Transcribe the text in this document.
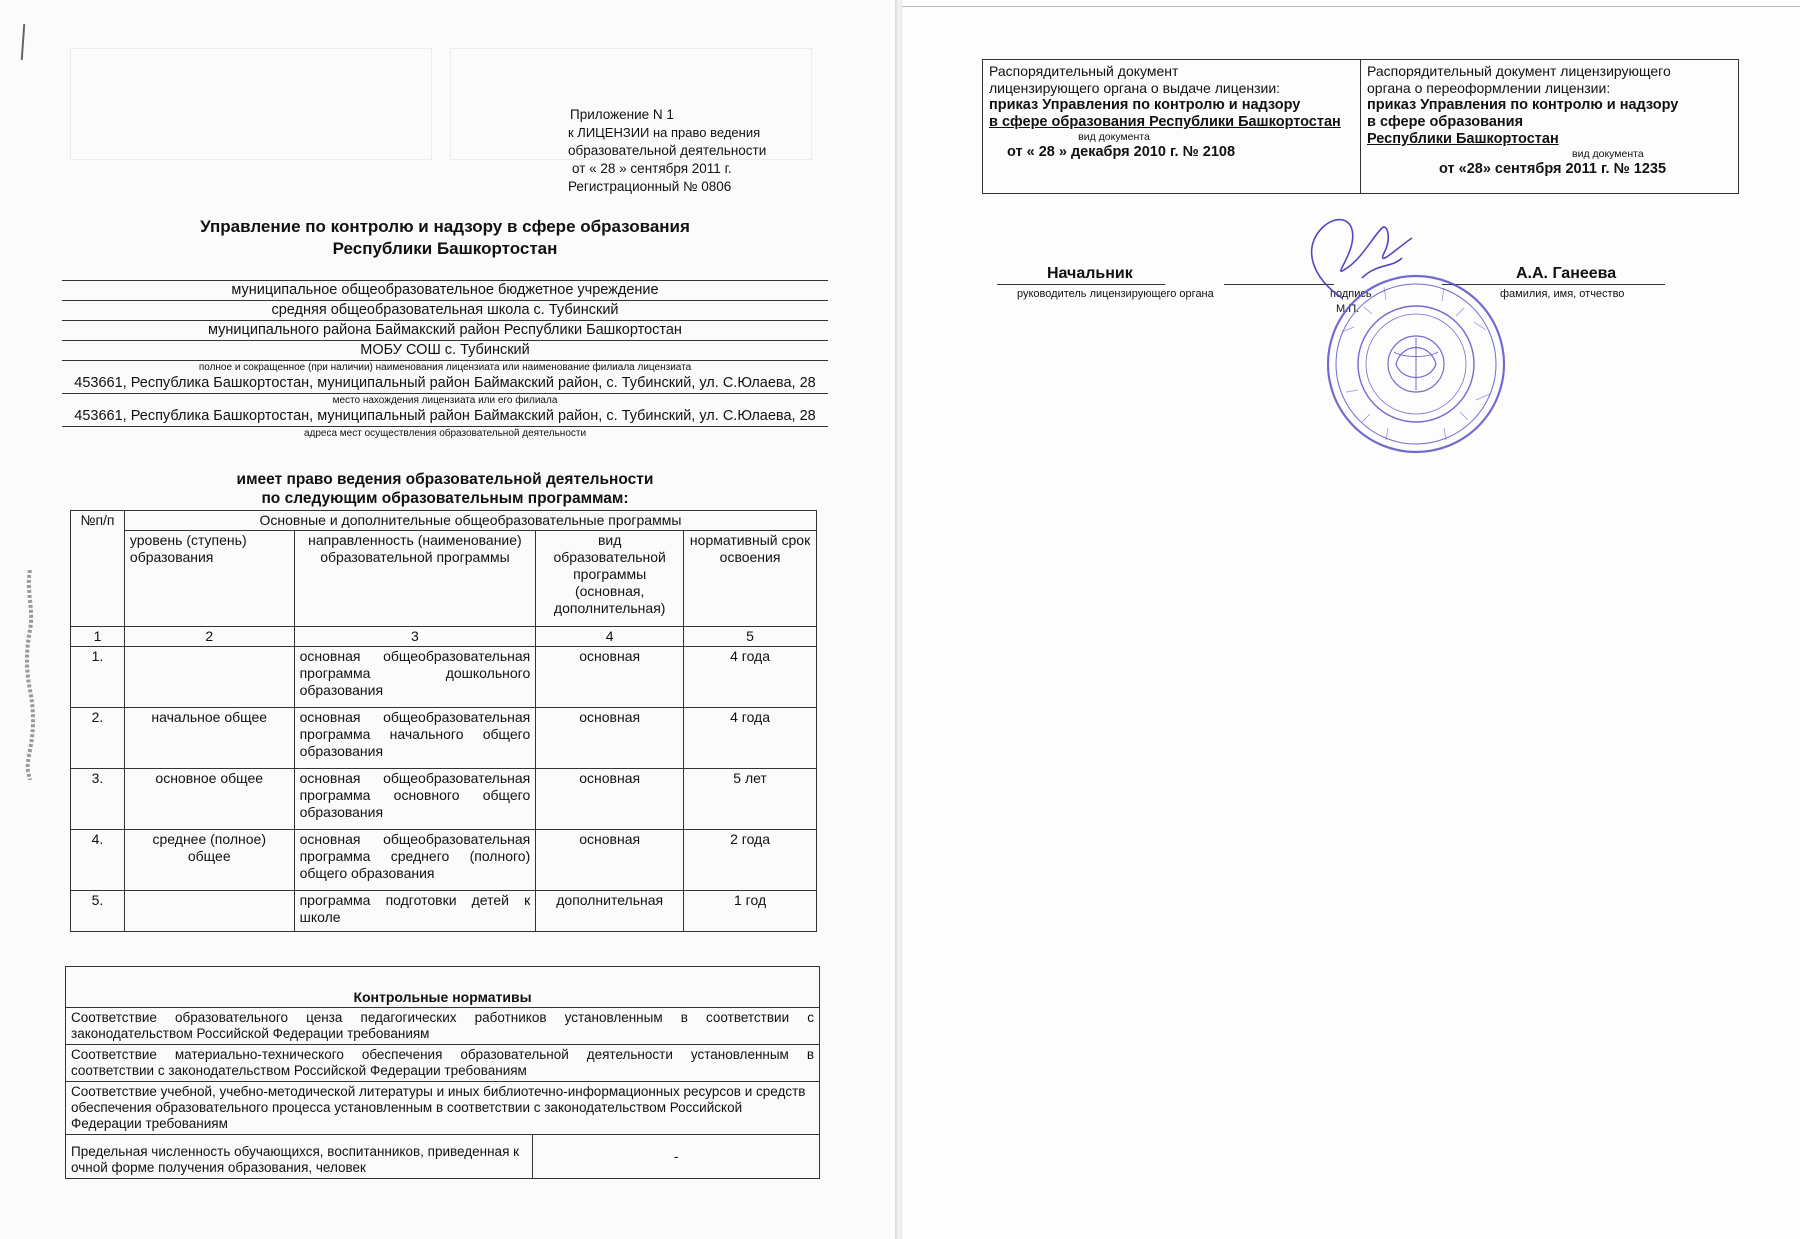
Приложение N 1
к ЛИЦЕНЗИИ на право ведения
образовательной деятельности
от « 28 » сентября 2011 г.
Регистрационный № 0806
Управление по контролю и надзору в сфере образования
Республики Башкортостан
муниципальное общеобразовательное бюджетное учреждение
средняя общеобразовательная школа с. Тубинский
муниципального района Баймакский район Республики Башкортостан
МОБУ СОШ с. Тубинский
полное и сокращенное (при наличии) наименования лицензиата или наименование филиала лицензиата
453661, Республика Башкортостан, муниципальный район Баймакский район, с. Тубинский, ул. С.Юлаева, 28
место нахождения лицензиата или его филиала
453661, Республика Башкортостан, муниципальный район Баймакский район, с. Тубинский, ул. С.Юлаева, 28
адреса мест осуществления образовательной деятельности
имеет право ведения образовательной деятельности
по следующим образовательным программам:
№п/п	Основные и дополнительные общеобразовательные программы			
	уровень (ступень) образования	направленность (наименование) образовательной программы	вид образовательной программы (основная, дополнительная)	нормативный срок освоения
1	2	3	4	5
1.		основная общеобразовательная программа дошкольного образования	основная	4 года
2.	начальное общее	основная общеобразовательная программа начального общего образования	основная	4 года
3.	основное общее	основная общеобразовательная программа основного общего образования	основная	5 лет
4.	среднее (полное) общее	основная общеобразовательная программа среднего (полного) общего образования	основная	2 года
5.		программа подготовки детей к школе	дополнительная	1 год
Контрольные нормативы
Соответствие образовательного ценза педагогических работников установленным в соответствии с законодательством Российской Федерации требованиям
Соответствие материально-технического обеспечения образовательной деятельности установленным в соответствии с законодательством Российской Федерации требованиям
Соответствие учебной, учебно-методической литературы и иных библиотечно-информационных ресурсов и средств обеспечения образовательного процесса установленным в соответствии с законодательством Российской Федерации требованиям
Предельная численность обучающихся, воспитанников, приведенная к очной форме получения образования, человек	-
Распорядительный документ
лицензирующего органа о выдаче лицензии:
приказ Управления по контролю и надзору
в сфере образования Республики Башкортостан
вид документа
от « 28 » декабря 2010 г. № 2108

Распорядительный документ лицензирующего
органа о переоформлении лицензии:
приказ Управления по контролю и надзору
в сфере образования
Республики Башкортостан
вид документа
от «28» сентября 2011 г. № 1235
Начальник
руководитель лицензирующего органа	подпись
М.П.
А.А. Ганеева
фамилия, имя, отчество
